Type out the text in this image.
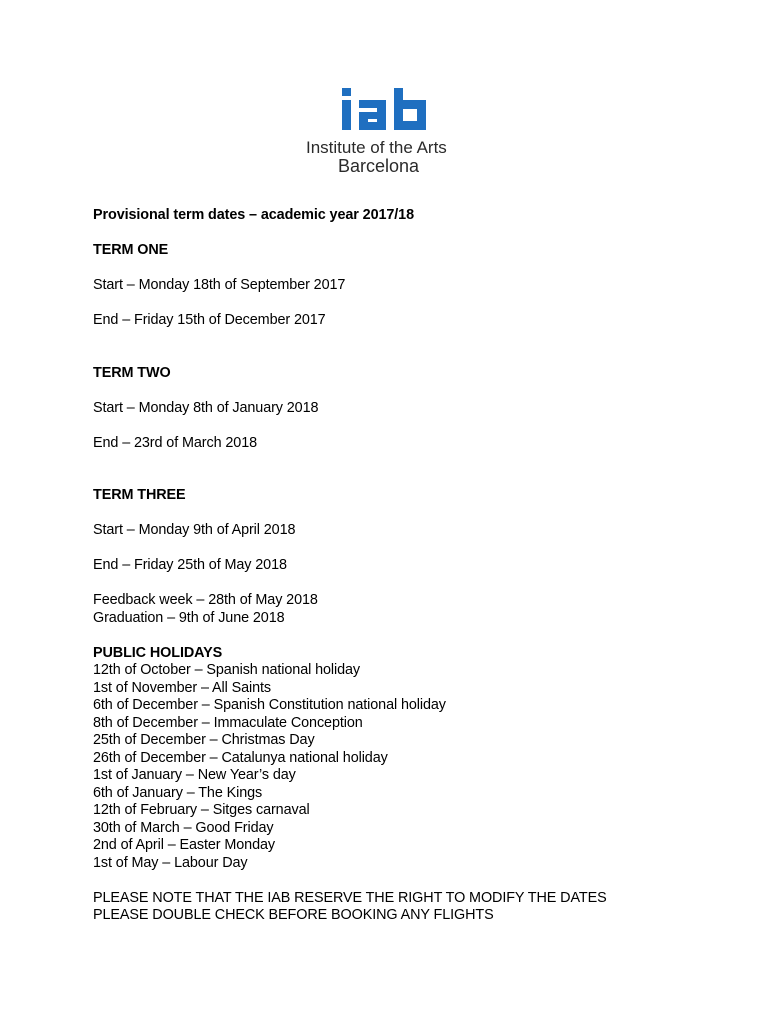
Institute of the Arts
Barcelona

Provisional term dates – academic year 2017/18

TERM ONE

Start – Monday 18th of September 2017

End – Friday 15th of December 2017

TERM TWO

Start – Monday 8th of January 2018

End – 23rd of March 2018

TERM THREE

Start – Monday 9th of April 2018

End – Friday 25th of May 2018

Feedback week – 28th of May 2018

Graduation – 9th of June 2018

PUBLIC HOLIDAYS

12th of October – Spanish national holiday

1st of November – All Saints

6th of December – Spanish Constitution national holiday

8th of December – Immaculate Conception

25th of December – Christmas Day

26th of December – Catalunya national holiday

1st of January – New Year’s day

6th of January – The Kings

12th of February – Sitges carnaval

30th of March – Good Friday

2nd of April – Easter Monday

1st of May – Labour Day

PLEASE NOTE THAT THE IAB RESERVE THE RIGHT TO MODIFY THE DATES

PLEASE DOUBLE CHECK BEFORE BOOKING ANY FLIGHTS
